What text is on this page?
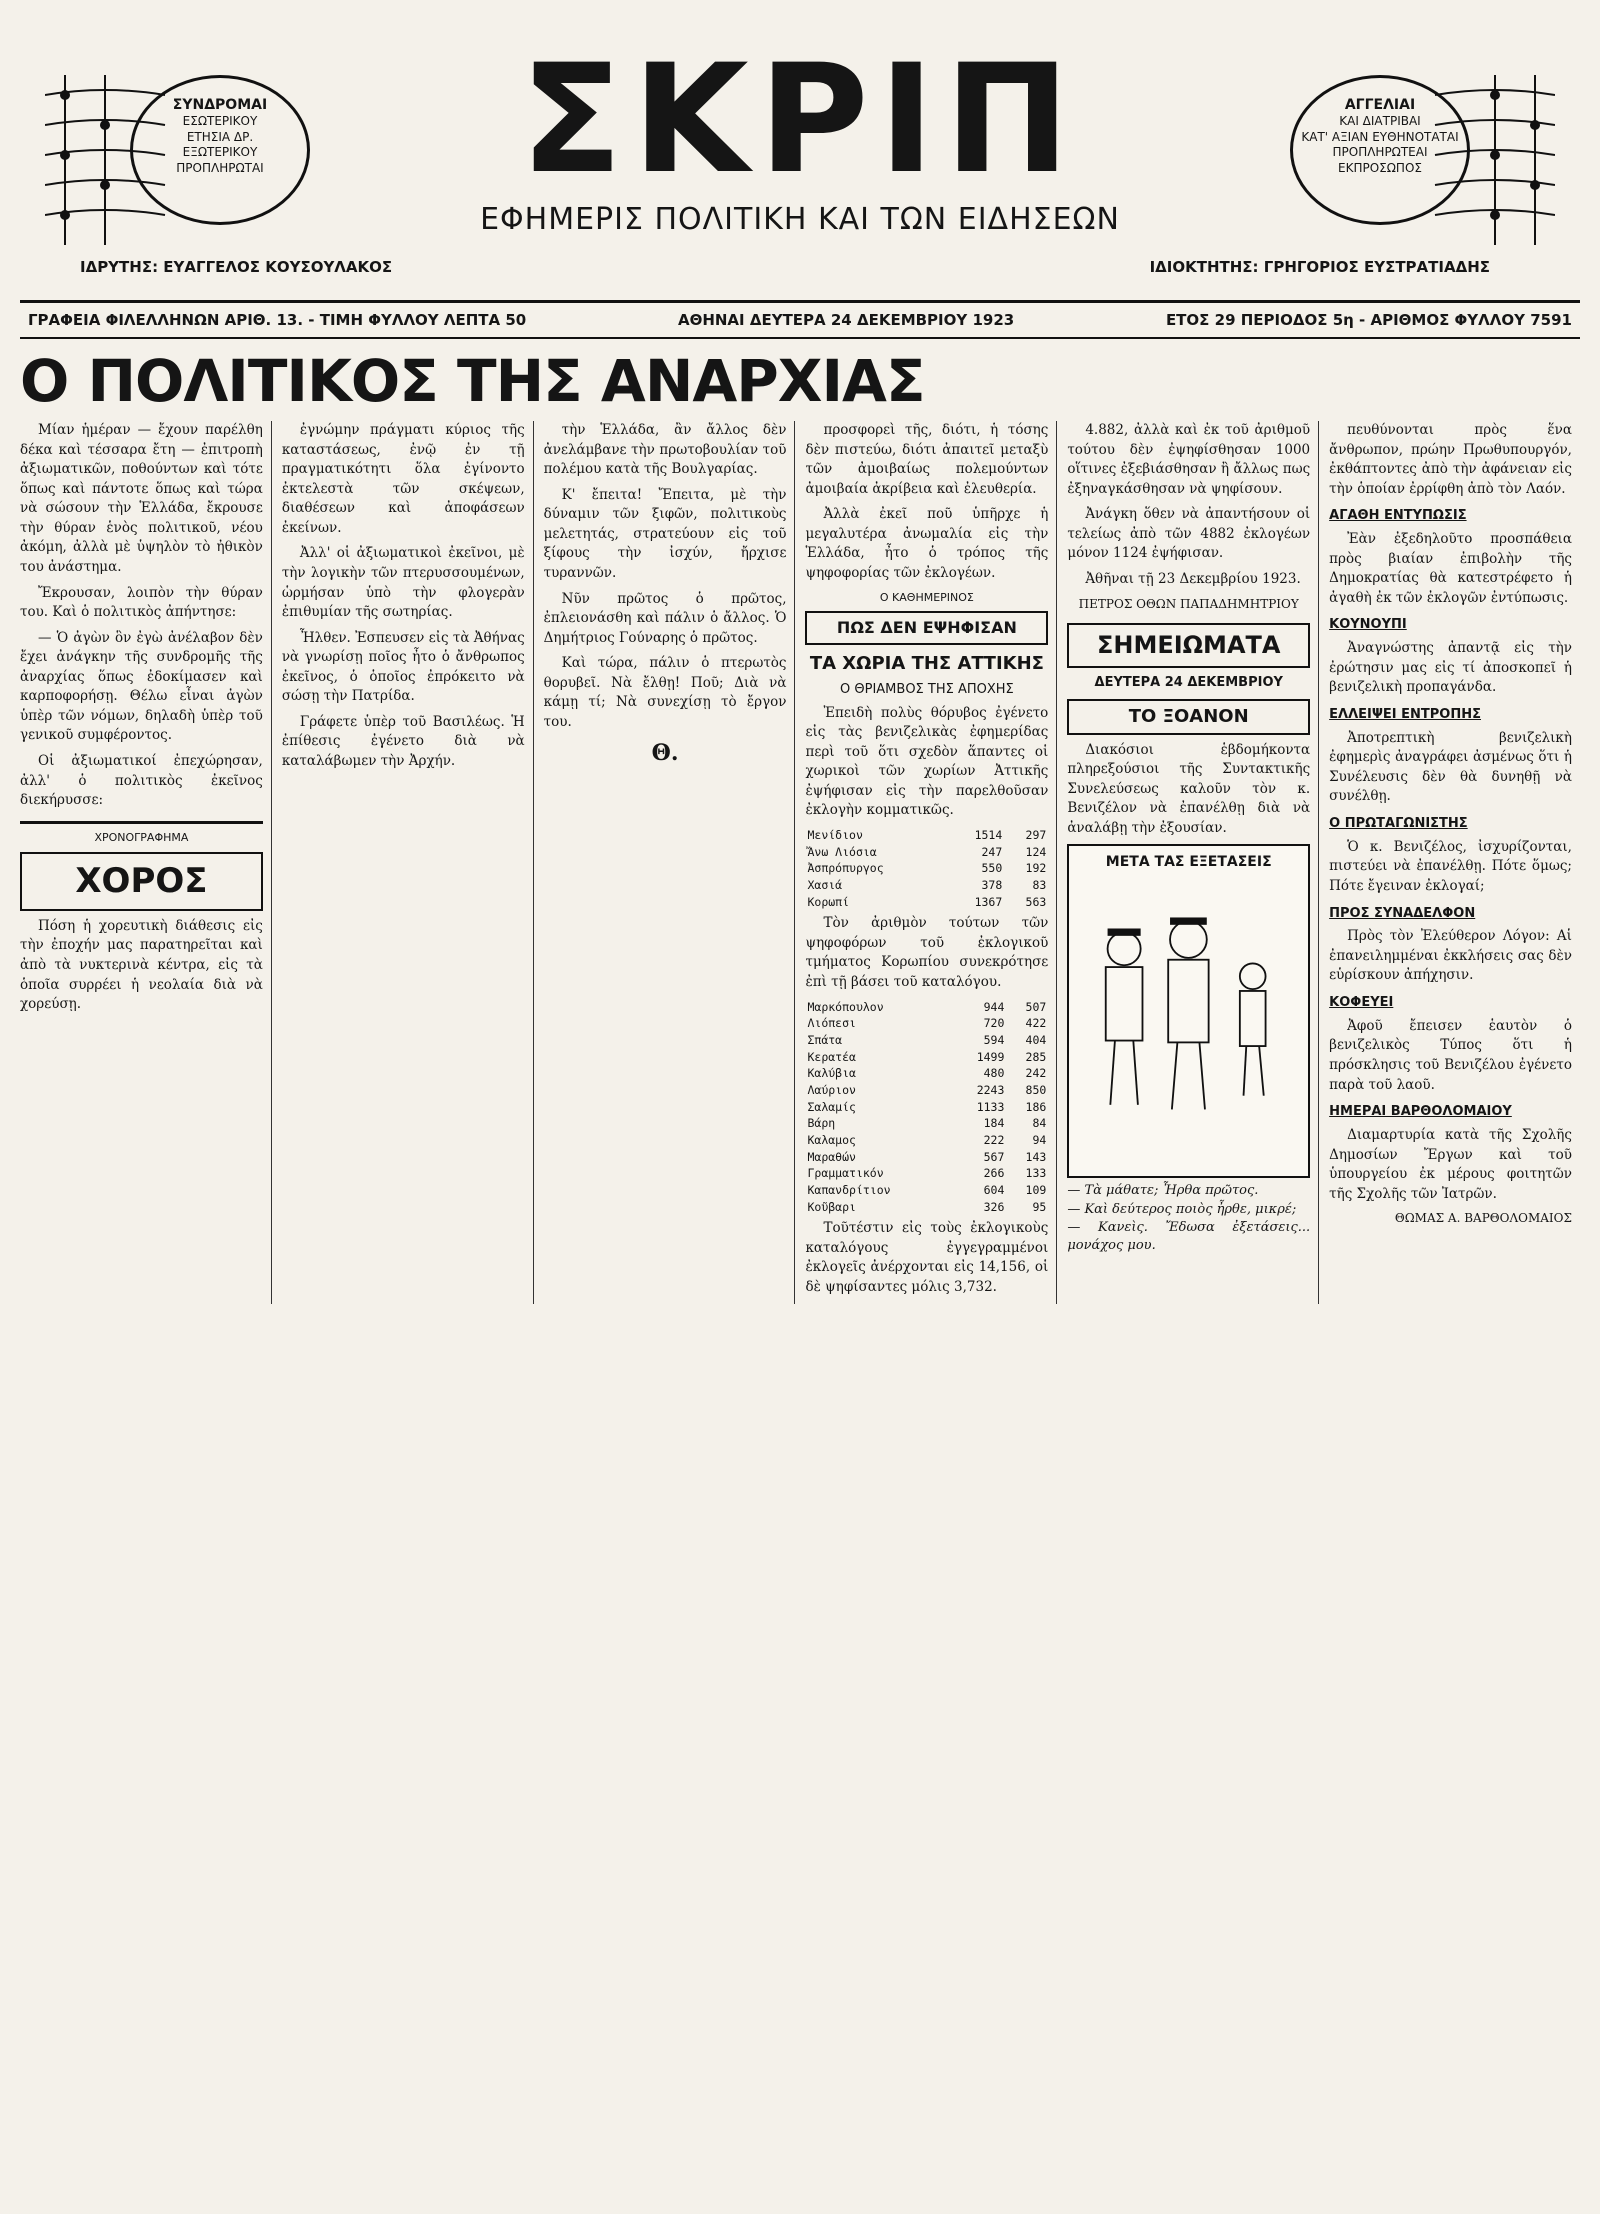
ΣΥΝΔΡΟΜΑΙ
ΕΣΩΤΕΡΙΚΟΥ
ΕΤΗΣΙΑ ΔΡ.
ΕΞΩΤΕΡΙΚΟΥ
ΠΡΟΠΛΗΡΩΤΑΙ ΣΚΡΙΠ
ΕΦΗΜΕΡΙΣ ΠΟΛΙΤΙΚΗ ΚΑΙ ΤΩΝ ΕΙΔΗΣΕΩΝ
ΑΓΓΕΛΙΑΙ
ΚΑΙ ΔΙΑΤΡΙΒΑΙ
ΚΑΤ' ΑΞΙΑΝ ΕΥΘΗΝΟΤΑΤΑΙ
ΠΡΟΠΛΗΡΩΤΕΑΙ
ΕΚΠΡΟΣΩΠΟΣ
ΙΔΡΥΤΗΣ: ΕΥΑΓΓΕΛΟΣ ΚΟΥΣΟΥΛΑΚΟΣ	ΙΔΙΟΚΤΗΤΗΣ: ΓΡΗΓΟΡΙΟΣ ΕΥΣΤΡΑΤΙΑΔΗΣ
ΓΡΑΦΕΙΑ ΦΙΛΕΛΛΗΝΩΝ ΑΡΙΘ. 13. - ΤΙΜΗ ΦΥΛΛΟΥ ΛΕΠΤΑ 50	ΑΘΗΝΑΙ ΔΕΥΤΕΡΑ 24 ΔΕΚΕΜΒΡΙΟΥ 1923	ΕΤΟΣ 29 ΠΕΡΙΟΔΟΣ 5η - ΑΡΙΘΜΟΣ ΦΥΛΛΟΥ 7591
Ο ΠΟΛΙΤΙΚΟΣ ΤΗΣ ΑΝΑΡΧΙΑΣ

Μίαν ἡμέραν — ἔχουν παρέλθη δέκα καὶ τέσσαρα ἔτη — ἐπιτροπὴ ἀξιωματικῶν, ποθούντων καὶ τότε ὅπως καὶ πάντοτε ὅπως καὶ τώρα νὰ σώσουν τὴν Ἑλλάδα, ἔκρουσε τὴν θύραν ἑνὸς πολιτικοῦ, νέου ἀκόμη, ἀλλὰ μὲ ὑψηλὸν τὸ ἠθικὸν του ἀνάστημα.

Ἔκρουσαν, λοιπὸν τὴν θύραν του. Καὶ ὁ πολιτικὸς ἀπήντησε:

— Ὁ ἀγὼν ὃν ἐγὼ ἀνέλαβον δὲν ἔχει ἀνάγκην τῆς συνδρομῆς τῆς ἀναρχίας ὅπως ἐδοκίμασεν καὶ καρποφορήσῃ. Θέλω εἶναι ἀγὼν ὑπὲρ τῶν νόμων, δηλαδὴ ὑπὲρ τοῦ γενικοῦ συμφέροντος.

Οἱ ἀξιωματικοί ἐπεχώρησαν, ἀλλ' ὁ πολιτικὸς ἐκεῖνος διεκήρυσσε:

ΧΡΟΝΟΓΡΑΦΗΜΑ
ΧΟΡΟΣ

Πόση ἡ χορευτικὴ διάθεσις εἰς τὴν ἐποχήν μας παρατηρεῖται καὶ ἀπὸ τὰ νυκτερινὰ κέντρα, εἰς τὰ ὁποῖα συρρέει ἡ νεολαία διὰ νὰ χορεύσῃ.

ἐγνώμην πράγματι κύριος τῆς καταστάσεως, ἐνῷ ἐν τῇ πραγματικότητι ὅλα ἐγίνοντο ἐκτελεστὰ τῶν σκέψεων, διαθέσεων καὶ ἀποφάσεων ἐκείνων.

Ἀλλ' οἱ ἀξιωματικοὶ ἐκεῖνοι, μὲ τὴν λογικὴν τῶν πτερυσσουμένων, ὡρμήσαν ὑπὸ τὴν φλογερὰν ἐπιθυμίαν τῆς σωτηρίας.

Ἦλθεν. Ἐσπευσεν εἰς τὰ Ἀθήνας νὰ γνωρίσῃ ποῖος ἦτο ὁ ἄνθρωπος ἐκεῖνος, ὁ ὁποῖος ἐπρόκειτο νὰ σώσῃ τὴν Πατρίδα.

Γράφετε ὑπὲρ τοῦ Βασιλέως. Ἡ ἐπίθεσις ἐγένετο διὰ νὰ καταλάβωμεν τὴν Ἀρχήν.

τὴν Ἑλλάδα, ἂν ἄλλος δὲν ἀνελάμβανε τὴν πρωτοβουλίαν τοῦ πολέμου κατὰ τῆς Βουλγαρίας.

Κ' ἔπειτα! Ἔπειτα, μὲ τὴν δύναμιν τῶν ξιφῶν, πολιτικοὺς μελετητάς, στρατεύουν εἰς τοῦ ξίφους τὴν ἰσχύν, ἤρχισε τυραννῶν.

Νῦν πρῶτος ὁ πρῶτος, ἐπλειονάσθη καὶ πάλιν ὁ ἄλλος. Ὁ Δημήτριος Γούναρης ὁ πρῶτος.

Καὶ τώρα, πάλιν ὁ πτερωτὸς θορυβεῖ. Νὰ ἔλθῃ! Ποῦ; Διὰ νὰ κάμῃ τί; Νὰ συνεχίσῃ τὸ ἔργον του.

Θ.

προσφορεὶ τῆς, διότι, ἡ τόσης δὲν πιστεύω, διότι ἀπαιτεῖ μεταξὺ τῶν ἀμοιβαίως πολεμούντων ἀμοιβαία ἀκρίβεια καὶ ἐλευθερία.

Ἀλλὰ ἐκεῖ ποῦ ὑπῆρχε ἡ μεγαλυτέρα ἀνωμαλία εἰς τὴν Ἑλλάδα, ἦτο ὁ τρόπος τῆς ψηφοφορίας τῶν ἐκλογέων.

Ο ΚΑΘΗΜΕΡΙΝΟΣ
ΠΩΣ ΔΕΝ ΕΨΗΦΙΣΑΝ
ΤΑ ΧΩΡΙΑ ΤΗΣ ΑΤΤΙΚΗΣ
Ο ΘΡΙΑΜΒΟΣ ΤΗΣ ΑΠΟΧΗΣ

Ἐπειδὴ πολὺς θόρυβος ἐγένετο εἰς τὰς βενιζελικὰς ἐφημερίδας περὶ τοῦ ὅτι σχεδὸν ἅπαντες οἱ χωρικοὶ τῶν χωρίων Ἀττικῆς ἐψήφισαν εἰς τὴν παρελθοῦσαν ἐκλογὴν κομματικῶς.

Μενίδιον	1514	297
Ἄνω Λιόσια	247	124
Ἀσπρόπυργος	550	192
Χασιά	378	83
Κορωπί	1367	563

Τὸν ἀριθμὸν τούτων τῶν ψηφοφόρων τοῦ ἐκλογικοῦ τμήματος Κορωπίου συνεκρότησε ἐπὶ τῇ βάσει τοῦ καταλόγου.

Μαρκόπουλον	944	507
Λιόπεσι	720	422
Σπάτα	594	404
Κερατέα	1499	285
Καλύβια	480	242
Λαύριον	2243	850
Σαλαμίς	1133	186
Βάρη	184	84
Καλαμος	222	94
Μαραθών	567	143
Γραμματικόν	266	133
Καπανδρίτιον	604	109
Κοῦβαρι	326	95

Τοῦτέστιν εἰς τοὺς ἐκλογικοὺς καταλόγους ἐγγεγραμμένοι ἐκλογεῖς ἀνέρχονται εἰς 14,156, οἱ δὲ ψηφίσαντες μόλις 3,732.

4.882, ἀλλὰ καὶ ἐκ τοῦ ἀριθμοῦ τούτου δὲν ἐψηφίσθησαν 1000 οἵτινες ἐξεβιάσθησαν ἢ ἄλλως πως ἐξηναγκάσθησαν νὰ ψηφίσουν.

Ἀνάγκη ὅθεν νὰ ἀπαντήσουν οἱ τελείως ἀπὸ τῶν 4882 ἐκλογέων μόνον 1124 ἐψήφισαν.

Ἀθῆναι τῇ 23 Δεκεμβρίου 1923.

ΠΕΤΡΟΣ ΟΘΩΝ ΠΑΠΑΔΗΜΗΤΡΙΟΥ
ΣΗΜΕΙΩΜΑΤΑ
ΔΕΥΤΕΡΑ 24 ΔΕΚΕΜΒΡΙΟΥ
ΤΟ ΞΟΑΝΟΝ

Διακόσιοι ἑβδομήκοντα πληρεξούσιοι τῆς Συντακτικῆς Συνελεύσεως καλοῦν τὸν κ. Βενιζέλον νὰ ἐπανέλθῃ διὰ νὰ ἀναλάβῃ τὴν ἐξουσίαν.

ΜΕΤΑ ΤΑΣ ΕΞΕΤΑΣΕΙΣ
— Τὰ μάθατε; Ἦρθα πρῶτος.
— Καὶ δεύτερος ποιὸς ἦρθε, μικρέ;
— Κανεὶς. Ἔδωσα ἐξετάσεις... μονάχος μου.

πευθύνονται πρὸς ἕνα ἄνθρωπον, πρώην Πρωθυπουργόν, ἐκθάπτοντες ἀπὸ τὴν ἀφάνειαν εἰς τὴν ὁποίαν ἐρρίφθη ἀπὸ τὸν Λαόν.

ΑΓΑΘΗ ΕΝΤΥΠΩΣΙΣ

Ἐὰν ἐξεδηλοῦτο προσπάθεια πρὸς βιαίαν ἐπιβολὴν τῆς Δημοκρατίας θὰ κατεστρέφετο ἡ ἀγαθὴ ἐκ τῶν ἐκλογῶν ἐντύπωσις.

ΚΟΥΝΟΥΠΙ

Ἀναγνώστης ἀπαντᾷ εἰς τὴν ἐρώτησιν μας εἰς τί ἀποσκοπεῖ ἡ βενιζελικὴ προπαγάνδα.

ΕΛΛΕΙΨΕΙ ΕΝΤΡΟΠΗΣ

Ἀποτρεπτικὴ βενιζελικὴ ἐφημερὶς ἀναγράφει ἀσμένως ὅτι ἡ Συνέλευσις δὲν θὰ δυνηθῇ νὰ συνέλθῃ.

Ο ΠΡΩΤΑΓΩΝΙΣΤΗΣ

Ὁ κ. Βενιζέλος, ἰσχυρίζονται, πιστεύει νὰ ἐπανέλθῃ. Πότε ὅμως; Πότε ἔγειναν ἐκλογαί;

ΠΡΟΣ ΣΥΝΑΔΕΛΦΟΝ

Πρὸς τὸν Ἐλεύθερον Λόγον: Αἱ ἐπανειλημμέναι ἐκκλήσεις σας δὲν εὑρίσκουν ἀπήχησιν.

ΚΟΦΕΥΕΙ

Ἀφοῦ ἔπεισεν ἑαυτὸν ὁ βενιζελικὸς Τύπος ὅτι ἡ πρόσκλησις τοῦ Βενιζέλου ἐγένετο παρὰ τοῦ λαοῦ.

ΗΜΕΡΑΙ ΒΑΡΘΟΛΟΜΑΙΟΥ

Διαμαρτυρία κατὰ τῆς Σχολῆς Δημοσίων Ἔργων καὶ τοῦ ὑπουργείου ἐκ μέρους φοιτητῶν τῆς Σχολῆς τῶν Ἰατρῶν.

ΘΩΜΑΣ Α. ΒΑΡΘΟΛΟΜΑΙΟΣ
